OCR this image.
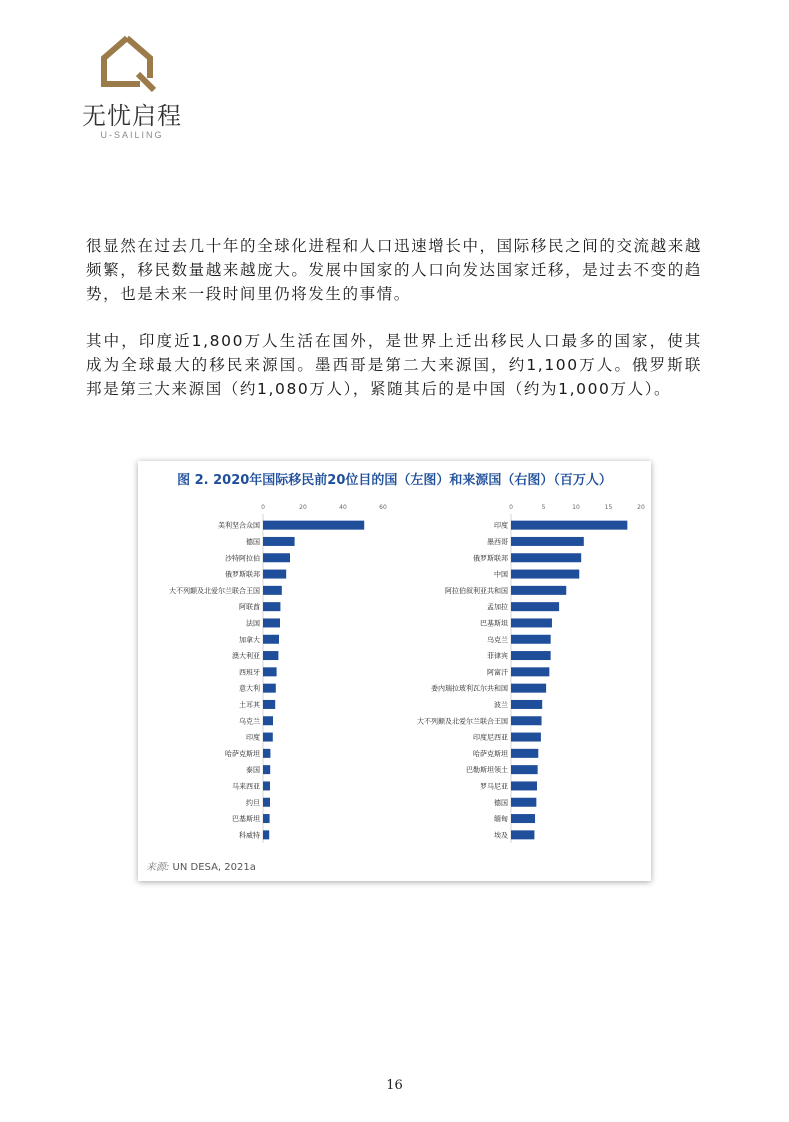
无忧启程
U-SAILING

很显然在过去几十年的全球化进程和人口迅速增长中，国际移民之间的交流越来越频繁，移民数量越来越庞大。发展中国家的人口向发达国家迁移，是过去不变的趋势，也是未来一段时间里仍将发生的事情。

其中，印度近1,800万人生活在国外，是世界上迁出移民人口最多的国家，使其成为全球最大的移民来源国。墨西哥是第二大来源国，约1,100万人。俄罗斯联邦是第三大来源国（约1,080万人），紧随其后的是中国（约为1,000万人）。

图 2. 2020年国际移民前20位目的国（左图）和来源国（右图）（百万人）
0	20	40	60
美利坚合众国
德国
沙特阿拉伯
俄罗斯联邦
大不列颠及北爱尔兰联合王国
阿联酋
法国
加拿大
澳大利亚
西班牙
意大利
土耳其
乌克兰
印度
哈萨克斯坦
泰国
马来西亚
约旦
巴基斯坦
科威特
0	5	10	15	20
印度
墨西哥
俄罗斯联邦
中国
阿拉伯叙利亚共和国
孟加拉
巴基斯坦
乌克兰
菲律宾
阿富汗
委内瑞拉玻利瓦尔共和国
波兰
大不列颠及北爱尔兰联合王国
印度尼西亚
哈萨克斯坦
巴勒斯坦领土
罗马尼亚
德国
缅甸
埃及
来源: UN DESA, 2021a
16
